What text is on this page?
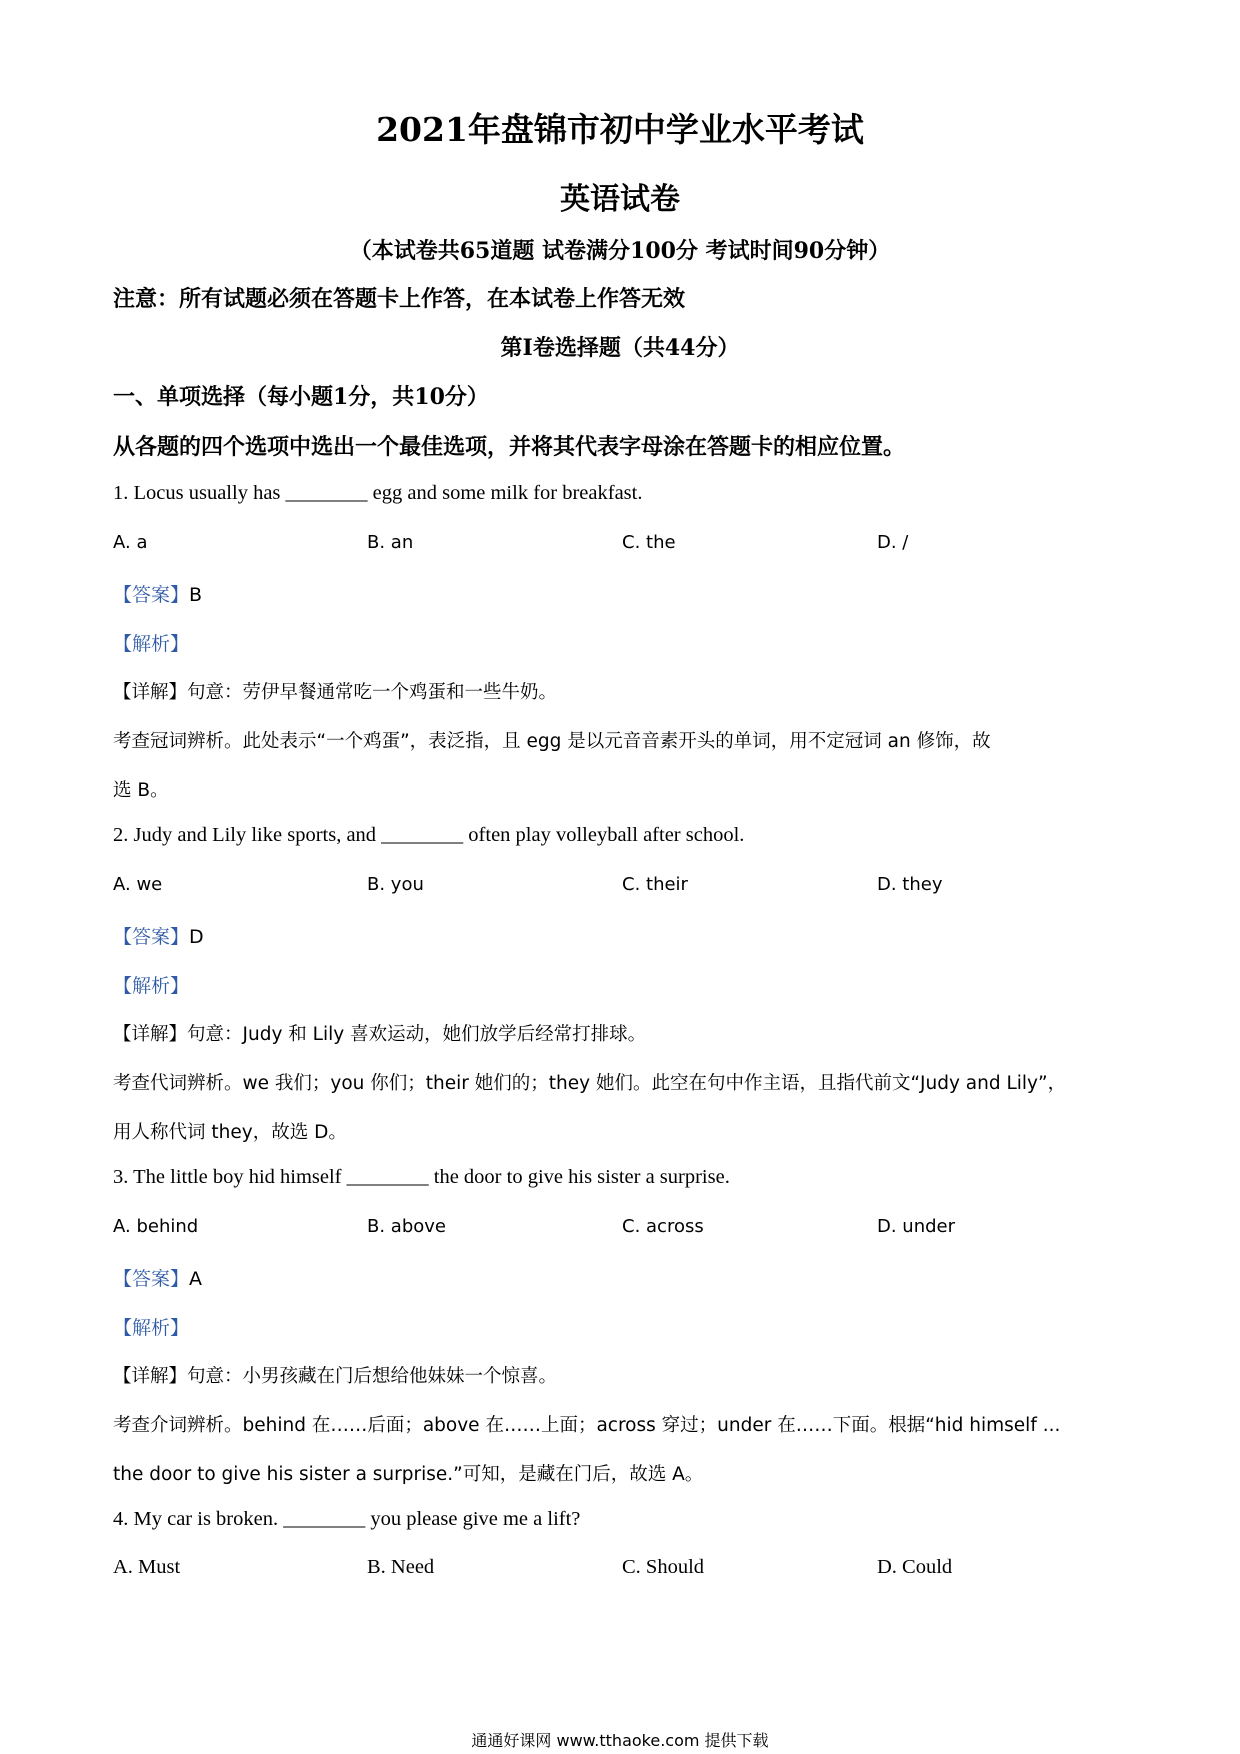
2021年盘锦市初中学业水平考试
英语试卷
（本试卷共65道题 试卷满分100分 考试时间90分钟）
注意：所有试题必须在答题卡上作答，在本试卷上作答无效
第I卷选择题（共44分）
一、单项选择（每小题1分，共10分）
从各题的四个选项中选出一个最佳选项，并将其代表字母涂在答题卡的相应位置。
1. Locus usually has ________ egg and some milk for breakfast.
A. a	B. an	C. the	D. /
【答案】B
【解析】
【详解】句意：劳伊早餐通常吃一个鸡蛋和一些牛奶。
考查冠词辨析。此处表示“一个鸡蛋”，表泛指，且 egg 是以元音音素开头的单词，用不定冠词 an 修饰，故
选 B。
2. Judy and Lily like sports, and ________ often play volleyball after school.
A. we	B. you	C. their	D. they
【答案】D
【解析】
【详解】句意：Judy 和 Lily 喜欢运动，她们放学后经常打排球。
考查代词辨析。we 我们；you 你们；their 她们的；they 她们。此空在句中作主语，且指代前文“Judy and Lily”，
用人称代词 they，故选 D。
3. The little boy hid himself ________ the door to give his sister a surprise.
A. behind	B. above	C. across	D. under
【答案】A
【解析】
【详解】句意：小男孩藏在门后想给他妹妹一个惊喜。
考查介词辨析。behind 在……后面；above 在……上面；across 穿过；under 在……下面。根据“hid himself ...
the door to give his sister a surprise.”可知，是藏在门后，故选 A。
4. My car is broken. ________ you please give me a lift?
A. Must	B. Need	C. Should	D. Could
通通好课网 www.tthaoke.com 提供下载
